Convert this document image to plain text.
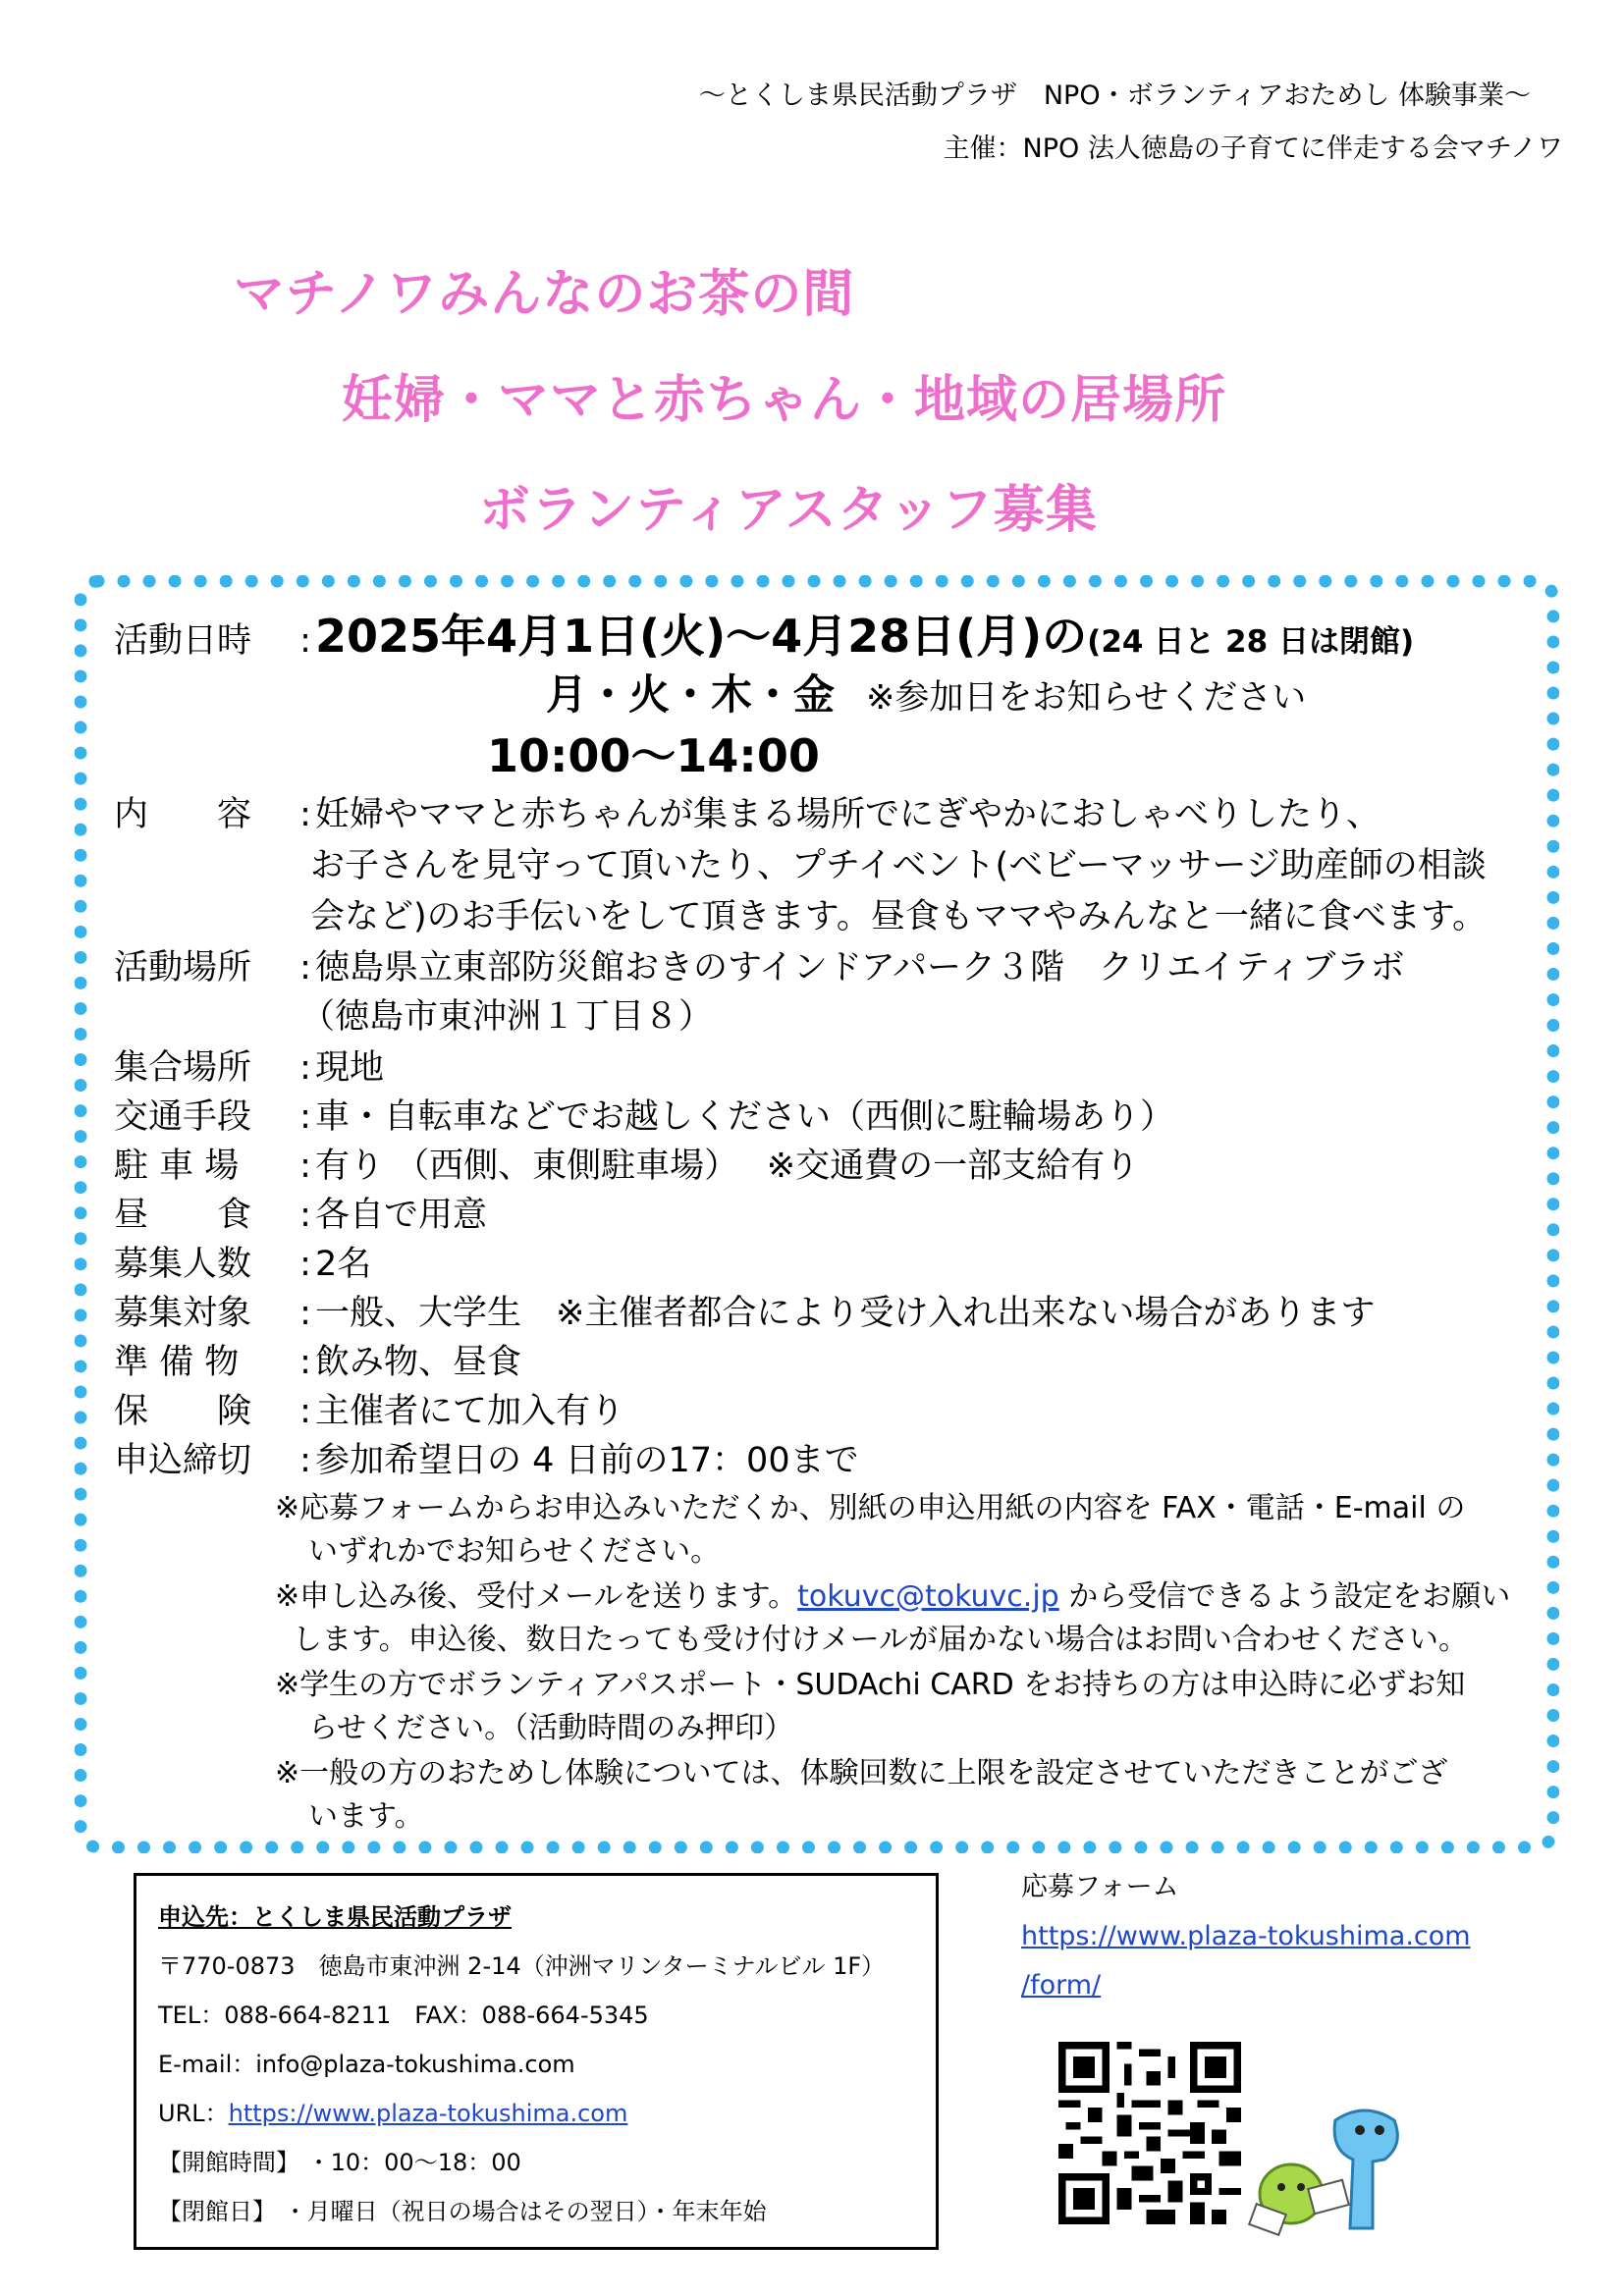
～とくしま県民活動プラザ　NPO・ボランティアおためし 体験事業～
主催：NPO 法人徳島の子育てに伴走する会マチノワ
マチノワみんなのお茶の間
妊婦・ママと赤ちゃん・地域の居場所
ボランティアスタッフ募集
活動日時 :2025年4月1日(火)～4月28日(月)の(24 日と 28 日は閉館)
月・火・木・金 ※参加日をお知らせください
10:00～14:00
内　　容 : 妊婦やママと赤ちゃんが集まる場所でにぎやかにおしゃべりしたり、
お子さんを見守って頂いたり、プチイベント(ベビーマッサージ助産師の相談
会など)のお手伝いをして頂きます。昼食もママやみんなと一緒に食べます。
活動場所 : 徳島県立東部防災館おきのすインドアパーク３階　クリエイティブラボ
（徳島市東沖洲１丁目８）
集合場所 : 現地
交通手段 : 車・自転車などでお越しください（西側に駐輪場あり）
駐 車 場 : 有り （西側、東側駐車場）　 ※交通費の一部支給有り
昼　　食 : 各自で用意
募集人数 : 2名
募集対象 : 一般、大学生　※主催者都合により受け入れ出来ない場合があります
準 備 物 : 飲み物、昼食
保　　険 : 主催者にて加入有り
申込締切 : 参加希望日の 4 日前の17：00まで
※応募フォームからお申込みいただくか、別紙の申込用紙の内容を FAX・電話・E-mail の
いずれかでお知らせください。
※申し込み後、受付メールを送ります。tokuvc@tokuvc.jp から受信できるよう設定をお願い
します。申込後、数日たっても受け付けメールが届かない場合はお問い合わせください。
※学生の方でボランティアパスポート・SUDAchi CARD をお持ちの方は申込時に必ずお知
らせください。（活動時間のみ押印）
※一般の方のおためし体験については、体験回数に上限を設定させていただきことがござ
います。
申込先：とくしま県民活動プラザ
〒770-0873　徳島市東沖洲 2-14（沖洲マリンターミナルビル 1F）
TEL：088-664-8211　FAX：088-664-5345
E-mail：info@plaza-tokushima.com
URL：https://www.plaza-tokushima.com
【開館時間】 ・10：00～18：00
【閉館日】 ・月曜日（祝日の場合はその翌日）・年末年始
応募フォーム
https://www.plaza-tokushima.com
/form/
